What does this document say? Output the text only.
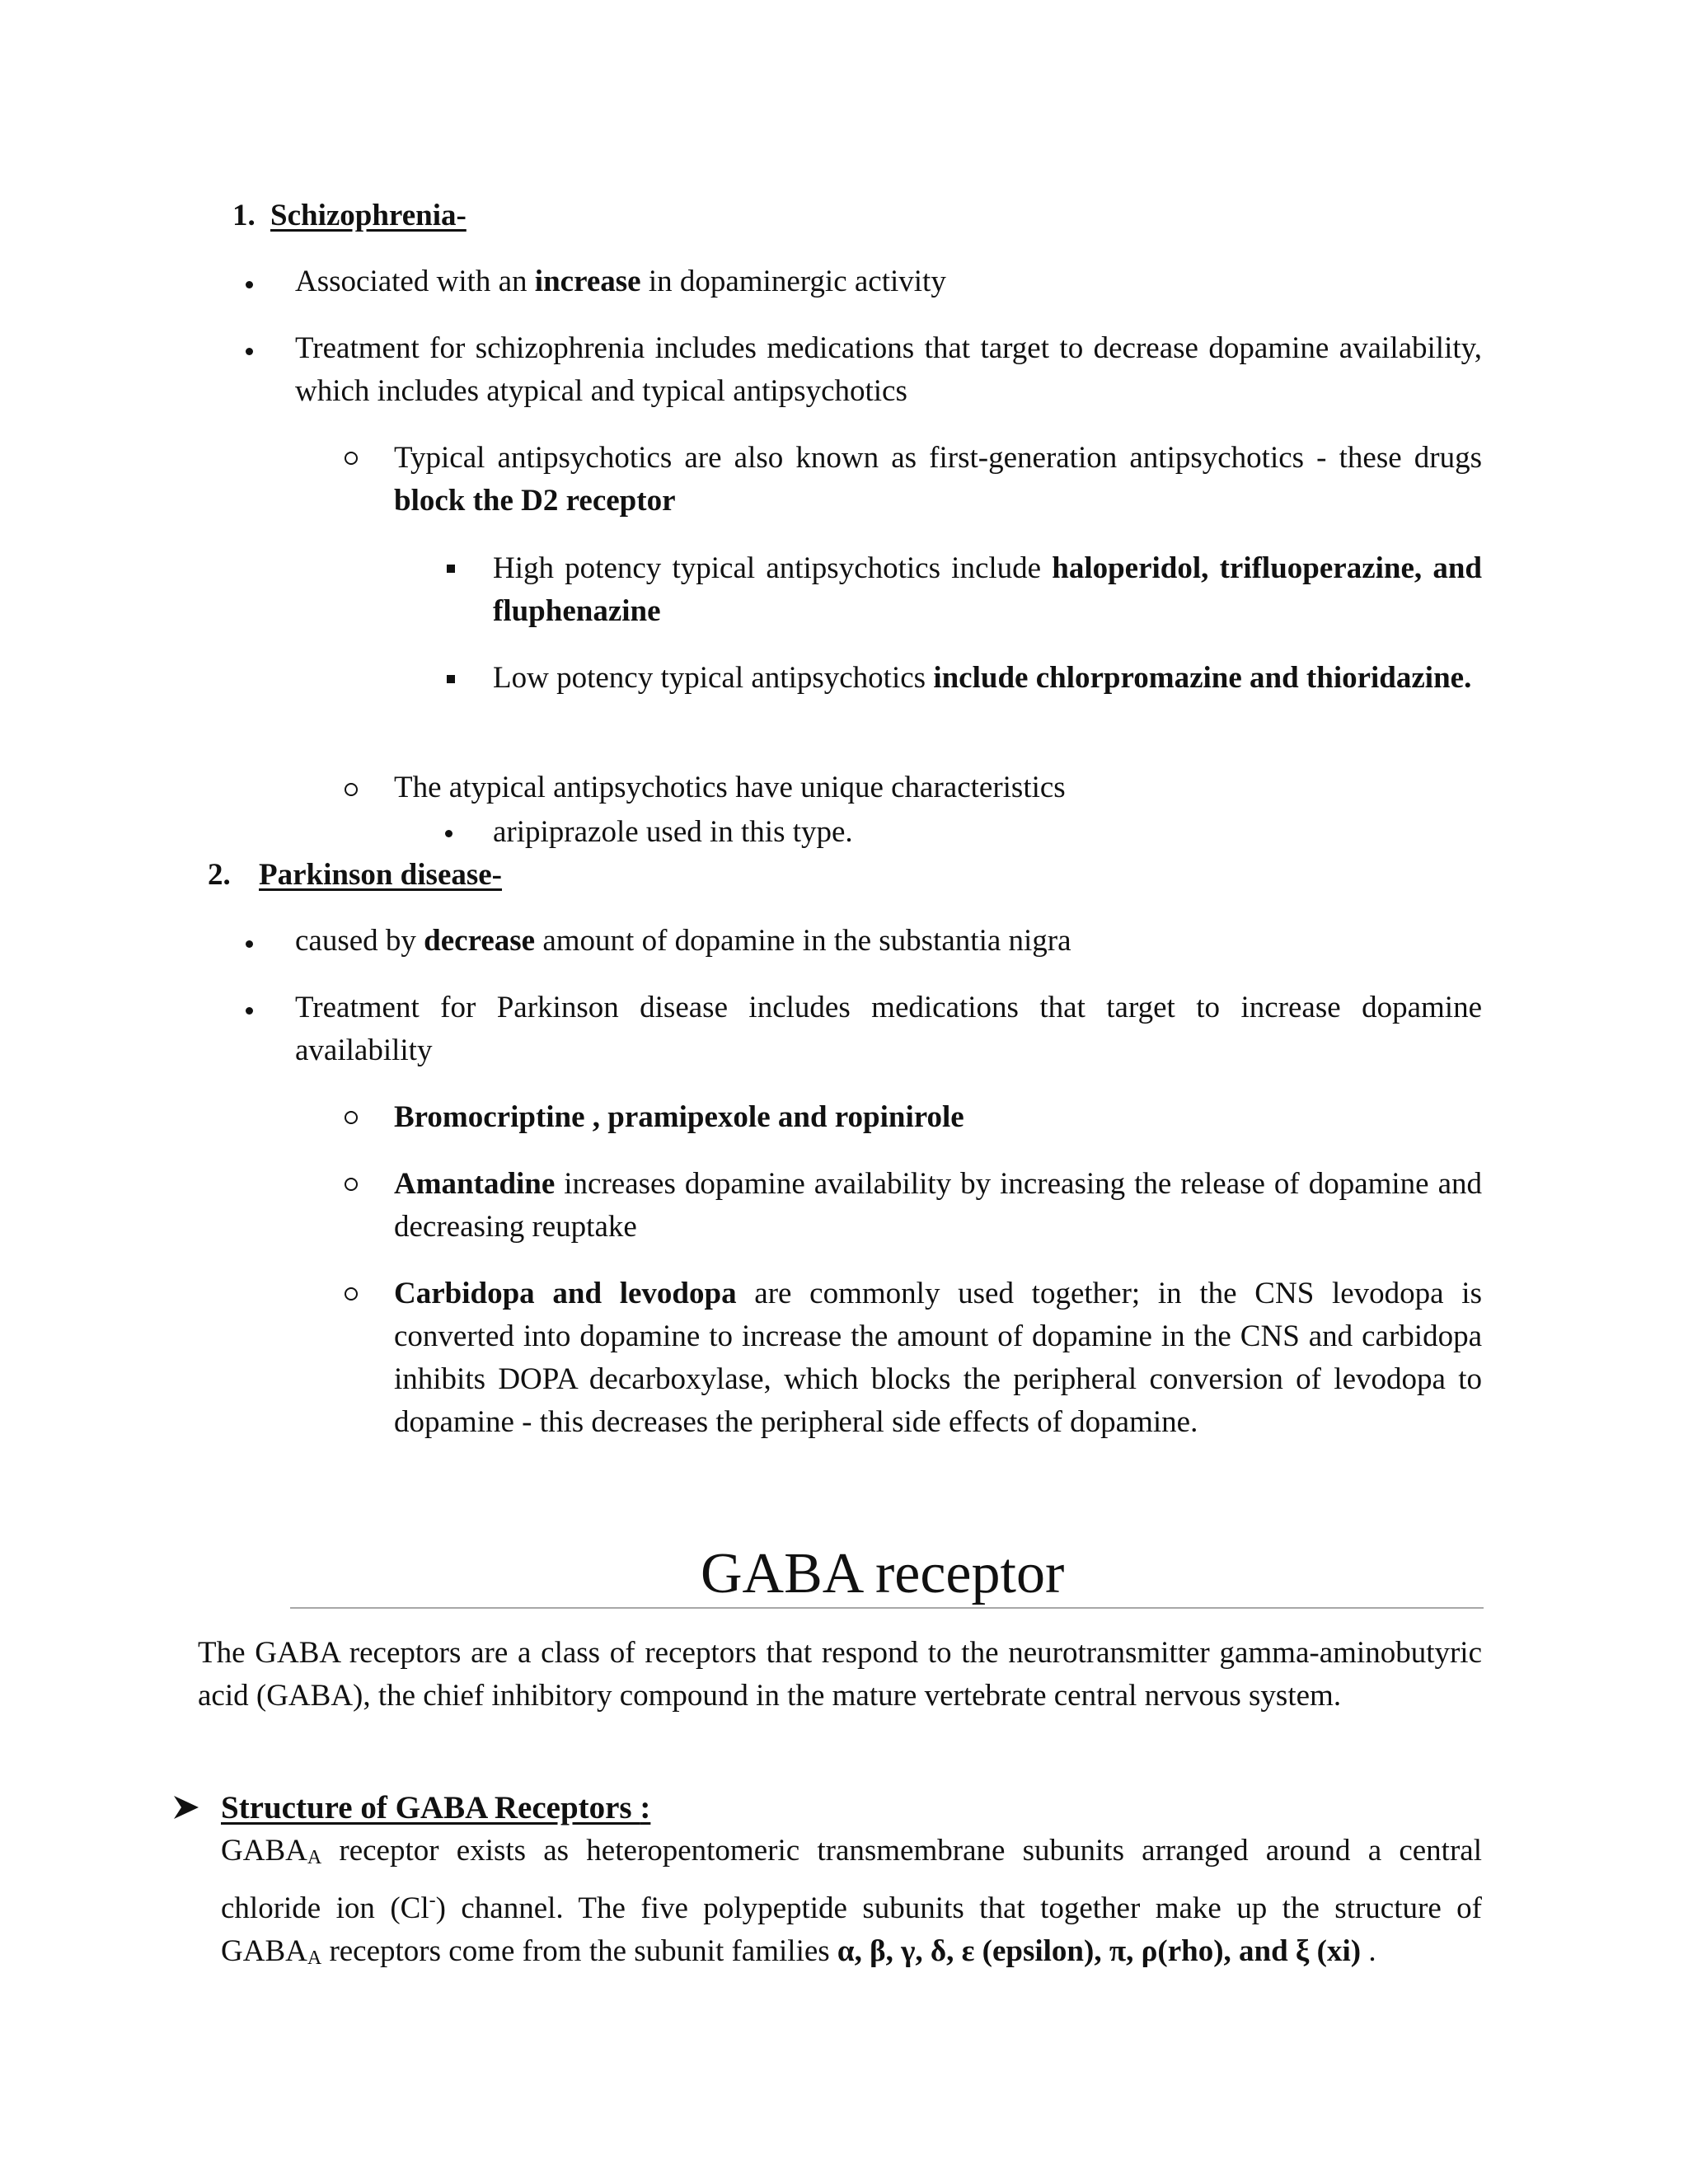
1. Schizophrenia-
Associated with an increase in dopaminergic activity
Treatment for schizophrenia includes medications that target to decrease dopamine availability, which includes atypical and typical antipsychotics
Typical antipsychotics are also known as first-generation antipsychotics - these drugs block the D2 receptor
High potency typical antipsychotics include haloperidol, trifluoperazine, and fluphenazine
Low potency typical antipsychotics include chlorpromazine and thioridazine.
The atypical antipsychotics have unique characteristics
aripiprazole used in this type.
2. Parkinson disease-
caused by decrease amount of dopamine in the substantia nigra
Treatment for Parkinson disease includes medications that target to increase dopamine availability
Bromocriptine , pramipexole and ropinirole
Amantadine increases dopamine availability by increasing the release of dopamine and decreasing reuptake
Carbidopa and levodopa are commonly used together; in the CNS levodopa is converted into dopamine to increase the amount of dopamine in the CNS and carbidopa inhibits DOPA decarboxylase, which blocks the peripheral conversion of levodopa to dopamine - this decreases the peripheral side effects of dopamine.
GABA receptor
The GABA receptors are a class of receptors that respond to the neurotransmitter gamma-aminobutyric acid (GABA), the chief inhibitory compound in the mature vertebrate central nervous system.
Structure of GABA Receptors :
$GABA_A$ receptor exists as heteropentomeric transmembrane subunits arranged around a central chloride ion (Cl-) channel. The five polypeptide subunits that together make up the structure of $GABA_A$ receptors come from the subunit families α, β, γ, δ, ε (epsilon), π, ρ(rho), and ξ (xi) .
